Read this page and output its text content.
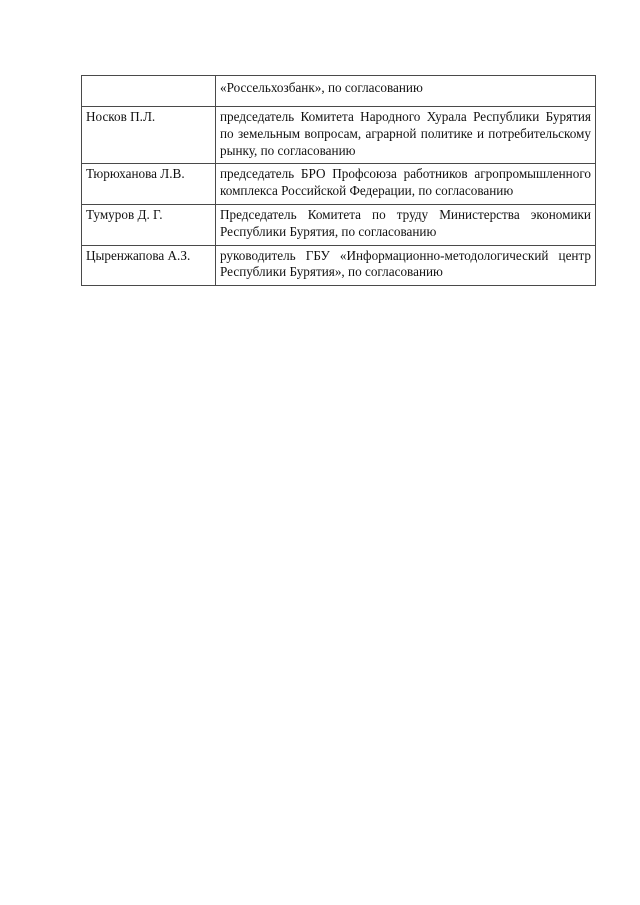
	«Россельхозбанк», по согласованию
Носков П.Л.	председатель Комитета Народного Хурала Республики Бурятия по земельным вопросам, аграрной политике и потребительскому рынку, по согласованию
Тюрюханова Л.В.	председатель БРО Профсоюза работников агропромышленного комплекса Российской Федерации, по согласованию
Тумуров Д. Г.	Председатель Комитета по труду Министерства экономики Республики Бурятия, по согласованию
Цыренжапова А.З.	руководитель ГБУ «Информационно-методологический центр Республики Бурятия», по согласованию
